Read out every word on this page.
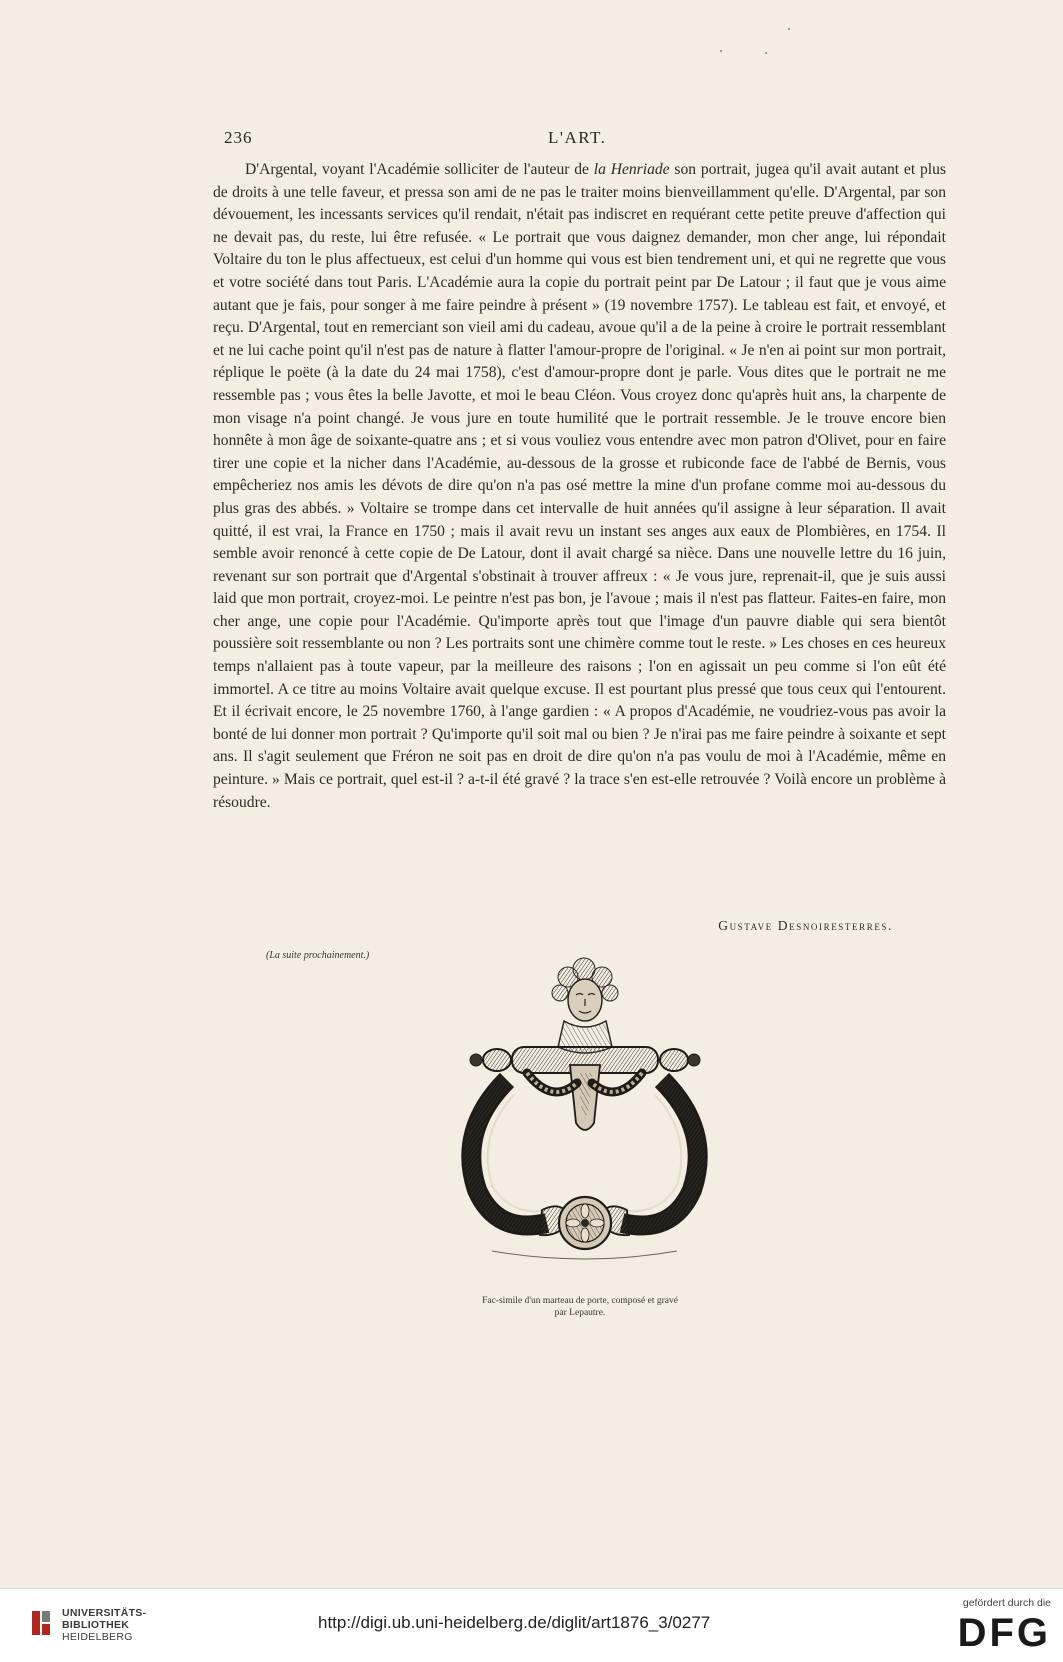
236	L'ART.

D'Argental, voyant l'Académie solliciter de l'auteur de la Henriade son portrait, jugea qu'il avait autant et plus de droits à une telle faveur, et pressa son ami de ne pas le traiter moins bienveillamment qu'elle. D'Argental, par son dévouement, les incessants services qu'il rendait, n'était pas indiscret en requérant cette petite preuve d'affection qui ne devait pas, du reste, lui être refusée. « Le portrait que vous daignez demander, mon cher ange, lui répondait Voltaire du ton le plus affectueux, est celui d'un homme qui vous est bien tendrement uni, et qui ne regrette que vous et votre société dans tout Paris. L'Académie aura la copie du portrait peint par De Latour ; il faut que je vous aime autant que je fais, pour songer à me faire peindre à présent » (19 novembre 1757). Le tableau est fait, et envoyé, et reçu. D'Argental, tout en remerciant son vieil ami du cadeau, avoue qu'il a de la peine à croire le portrait ressemblant et ne lui cache point qu'il n'est pas de nature à flatter l'amour-propre de l'original. « Je n'en ai point sur mon portrait, réplique le poëte (à la date du 24 mai 1758), c'est d'amour-propre dont je parle. Vous dites que le portrait ne me ressemble pas ; vous êtes la belle Javotte, et moi le beau Cléon. Vous croyez donc qu'après huit ans, la charpente de mon visage n'a point changé. Je vous jure en toute humilité que le portrait ressemble. Je le trouve encore bien honnête à mon âge de soixante-quatre ans ; et si vous vouliez vous entendre avec mon patron d'Olivet, pour en faire tirer une copie et la nicher dans l'Académie, au-dessous de la grosse et rubiconde face de l'abbé de Bernis, vous empêcheriez nos amis les dévots de dire qu'on n'a pas osé mettre la mine d'un profane comme moi au-dessous du plus gras des abbés. » Voltaire se trompe dans cet intervalle de huit années qu'il assigne à leur séparation. Il avait quitté, il est vrai, la France en 1750 ; mais il avait revu un instant ses anges aux eaux de Plombières, en 1754. Il semble avoir renoncé à cette copie de De Latour, dont il avait chargé sa nièce. Dans une nouvelle lettre du 16 juin, revenant sur son portrait que d'Argental s'obstinait à trouver affreux : « Je vous jure, reprenait-il, que je suis aussi laid que mon portrait, croyez-moi. Le peintre n'est pas bon, je l'avoue ; mais il n'est pas flatteur. Faites-en faire, mon cher ange, une copie pour l'Académie. Qu'importe après tout que l'image d'un pauvre diable qui sera bientôt poussière soit ressemblante ou non ? Les portraits sont une chimère comme tout le reste. » Les choses en ces heureux temps n'allaient pas à toute vapeur, par la meilleure des raisons ; l'on en agissait un peu comme si l'on eût été immortel. A ce titre au moins Voltaire avait quelque excuse. Il est pourtant plus pressé que tous ceux qui l'entourent. Et il écrivait encore, le 25 novembre 1760, à l'ange gardien : « A propos d'Académie, ne voudriez-vous pas avoir la bonté de lui donner mon portrait ? Qu'importe qu'il soit mal ou bien ? Je n'irai pas me faire peindre à soixante et sept ans. Il s'agit seulement que Fréron ne soit pas en droit de dire qu'on n'a pas voulu de moi à l'Académie, même en peinture. » Mais ce portrait, quel est-il ? a-t-il été gravé ? la trace s'en est-elle retrouvée ? Voilà encore un problème à résoudre.

Gustave Desnoiresterres.
(La suite prochainement.)
Fac-simile d'un marteau de porte, composé et gravé
par Lepautre.
UNIVERSITÄTS-
BIBLIOTHEK
HEIDELBERG
http://digi.ub.uni-heidelberg.de/diglit/art1876_3/0277
gefördert durch die
DFG
